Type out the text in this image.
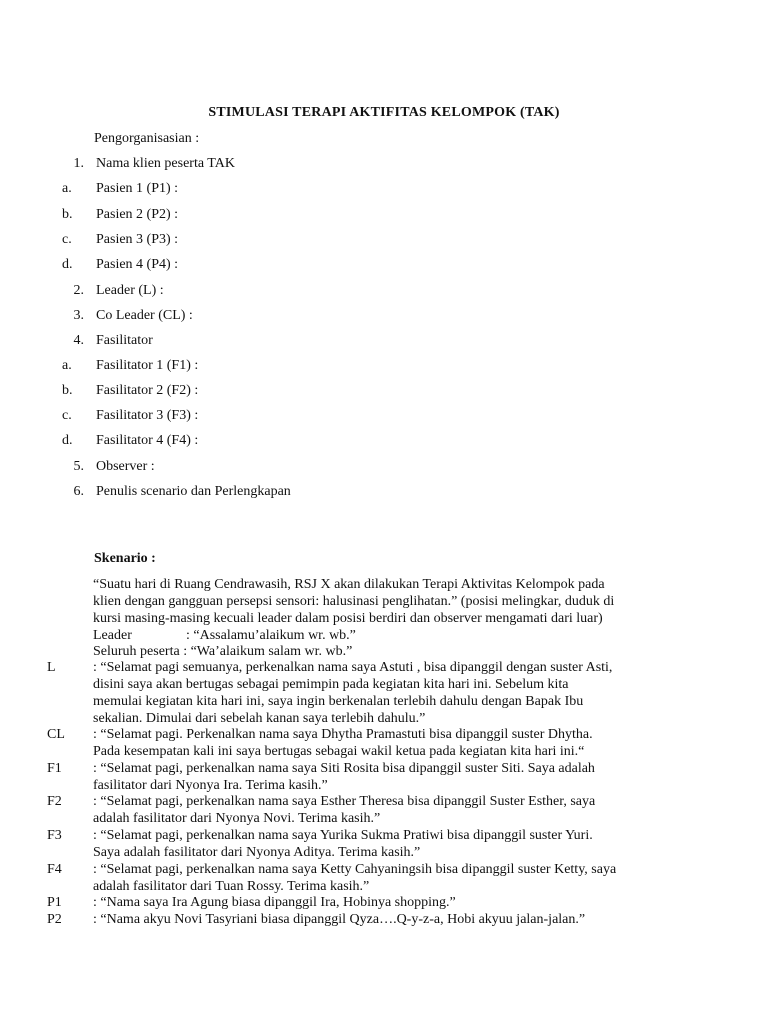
STIMULASI TERAPI AKTIFITAS KELOMPOK (TAK)
Pengorganisasian :
1. Nama klien peserta TAK
a.	Pasien 1 (P1) :
b.	Pasien 2 (P2) :
c.	Pasien 3 (P3) :
d.	Pasien 4 (P4) :
2. Leader (L) :
3. Co Leader (CL) :
4. Fasilitator
a.	Fasilitator 1 (F1) :
b.	Fasilitator 2 (F2) :
c.	Fasilitator 3 (F3) :
d.	Fasilitator 4 (F4) :
5. Observer :
6. Penulis scenario dan Perlengkapan
Skenario :
“Suatu hari di Ruang Cendrawasih, RSJ X akan dilakukan Terapi Aktivitas Kelompok pada
klien dengan gangguan persepsi sensori: halusinasi penglihatan.” (posisi melingkar, duduk di
kursi masing-masing kecuali leader dalam posisi berdiri dan observer mengamati dari luar)
Leader	: “Assalamu’alaikum wr. wb.”
Seluruh peserta : “Wa’alaikum salam wr. wb.”
L	: “Selamat pagi semuanya, perkenalkan nama saya Astuti , bisa dipanggil dengan suster Asti,
disini saya akan bertugas sebagai pemimpin pada kegiatan kita hari ini. Sebelum kita
memulai kegiatan kita hari ini, saya ingin berkenalan terlebih dahulu dengan Bapak Ibu
sekalian. Dimulai dari sebelah kanan saya terlebih dahulu.”
CL : “Selamat pagi. Perkenalkan nama saya Dhytha Pramastuti bisa dipanggil suster Dhytha.
Pada kesempatan kali ini saya bertugas sebagai wakil ketua pada kegiatan kita hari ini.“
F1 : “Selamat pagi, perkenalkan nama saya Siti Rosita bisa dipanggil suster Siti. Saya adalah
fasilitator dari Nyonya Ira. Terima kasih.”
F2 : “Selamat pagi, perkenalkan nama saya Esther Theresa bisa dipanggil Suster Esther, saya
adalah fasilitator dari Nyonya Novi. Terima kasih.”
F3 : “Selamat pagi, perkenalkan nama saya Yurika Sukma Pratiwi bisa dipanggil suster Yuri.
Saya adalah fasilitator dari Nyonya Aditya. Terima kasih.”
F4 : “Selamat pagi, perkenalkan nama saya Ketty Cahyaningsih bisa dipanggil suster Ketty, saya
adalah fasilitator dari Tuan Rossy. Terima kasih.”
P1 : “Nama saya Ira Agung biasa dipanggil Ira, Hobinya shopping.”
P2 : “Nama akyu Novi Tasyriani biasa dipanggil Qyza….Q-y-z-a, Hobi akyuu jalan-jalan.”
